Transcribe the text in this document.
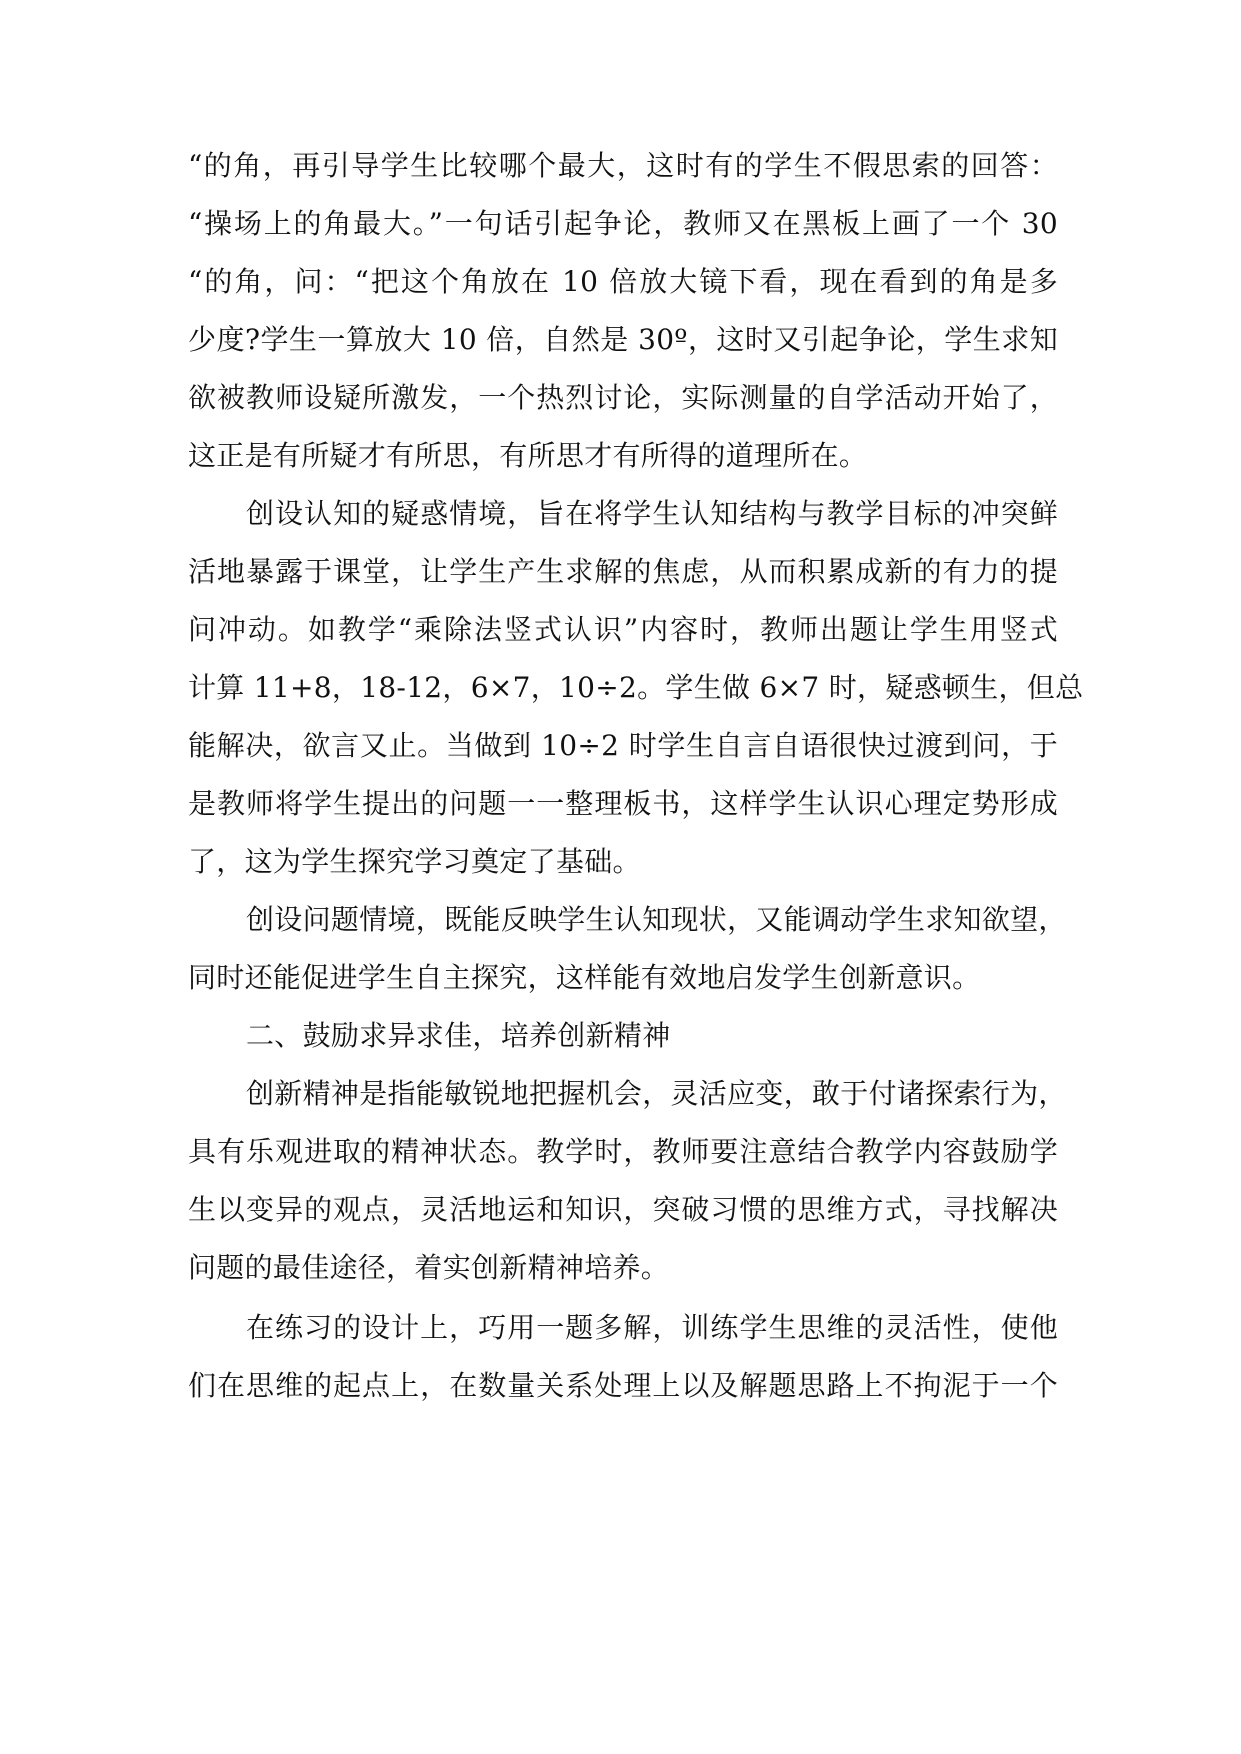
“的角，再引导学生比较哪个最大，这时有的学生不假思索的回答：
“操场上的角最大。”一句话引起争论，教师又在黑板上画了一个 30
“的角，问：“把这个角放在 10 倍放大镜下看，现在看到的角是多
少度?学生一算放大 10 倍，自然是 30º，这时又引起争论，学生求知
欲被教师设疑所激发，一个热烈讨论，实际测量的自学活动开始了，
这正是有所疑才有所思，有所思才有所得的道理所在。
创设认知的疑惑情境，旨在将学生认知结构与教学目标的冲突鲜
活地暴露于课堂，让学生产生求解的焦虑，从而积累成新的有力的提
问冲动。如教学“乘除法竖式认识”内容时，教师出题让学生用竖式
计算 11+8，18-12，6×7，10÷2。学生做 6×7 时，疑惑顿生，但总
能解决，欲言又止。当做到 10÷2 时学生自言自语很快过渡到问，于
是教师将学生提出的问题一一整理板书，这样学生认识心理定势形成
了，这为学生探究学习奠定了基础。
创设问题情境，既能反映学生认知现状，又能调动学生求知欲望，
同时还能促进学生自主探究，这样能有效地启发学生创新意识。
二、鼓励求异求佳，培养创新精神
创新精神是指能敏锐地把握机会，灵活应变，敢于付诸探索行为，
具有乐观进取的精神状态。教学时，教师要注意结合教学内容鼓励学
生以变异的观点，灵活地运和知识，突破习惯的思维方式，寻找解决
问题的最佳途径，着实创新精神培养。
在练习的设计上，巧用一题多解，训练学生思维的灵活性，使他
们在思维的起点上，在数量关系处理上以及解题思路上不拘泥于一个
